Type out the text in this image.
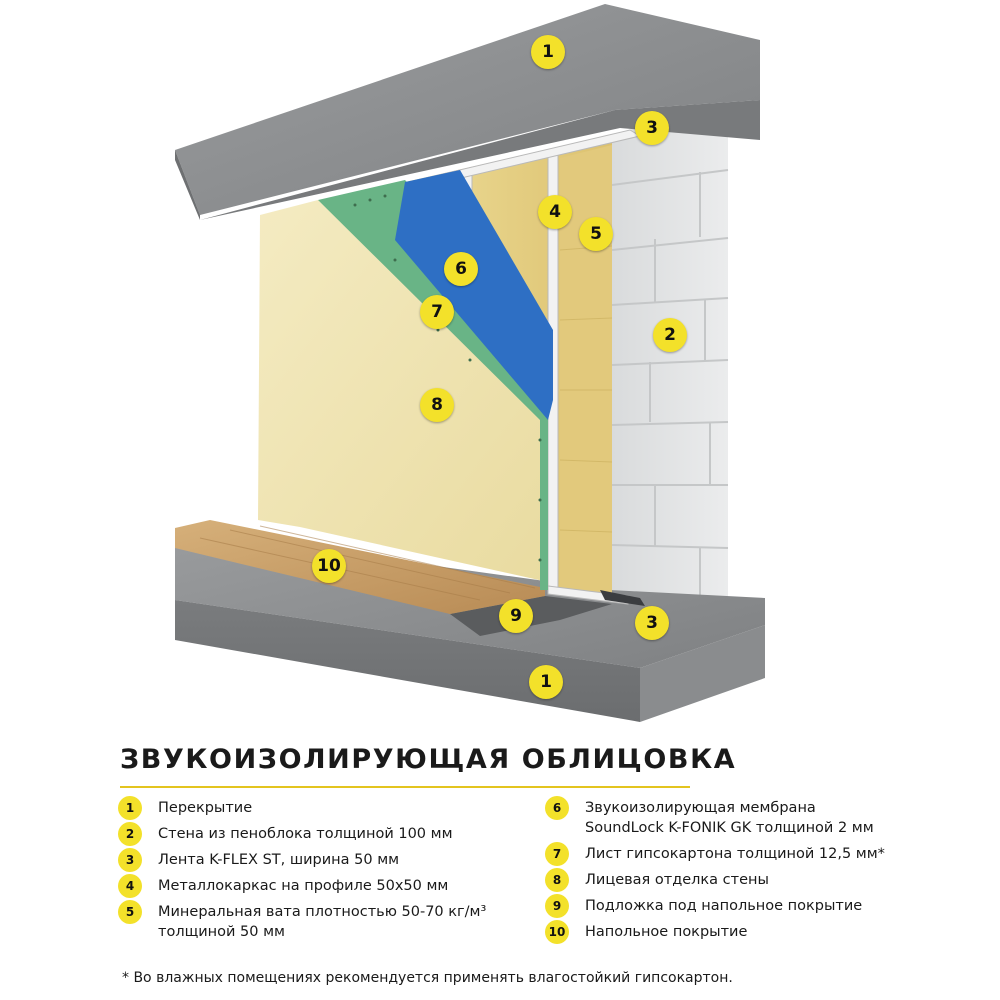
1
1
2
3
3
4
5
6
7
8
9
10
ЗВУКОИЗОЛИРУЮЩАЯ ОБЛИЦОВКА
1	Перекрытие
2	Стена из пеноблока толщиной 100 мм
3	Лента K-FLEX ST, ширина 50 мм
4	Металлокаркас на профиле 50х50 мм
5	Минеральная вата плотностью 50-70 кг/м³
толщиной 50 мм
6	Звукоизолирующая мембрана
SoundLock K-FONIK GK толщиной 2 мм
7	Лист гипсокартона толщиной 12,5 мм*
8	Лицевая отделка стены
9	Подложка под напольное покрытие
10 Напольное покрытие
* Во влажных помещениях рекомендуется применять влагостойкий гипсокартон.
